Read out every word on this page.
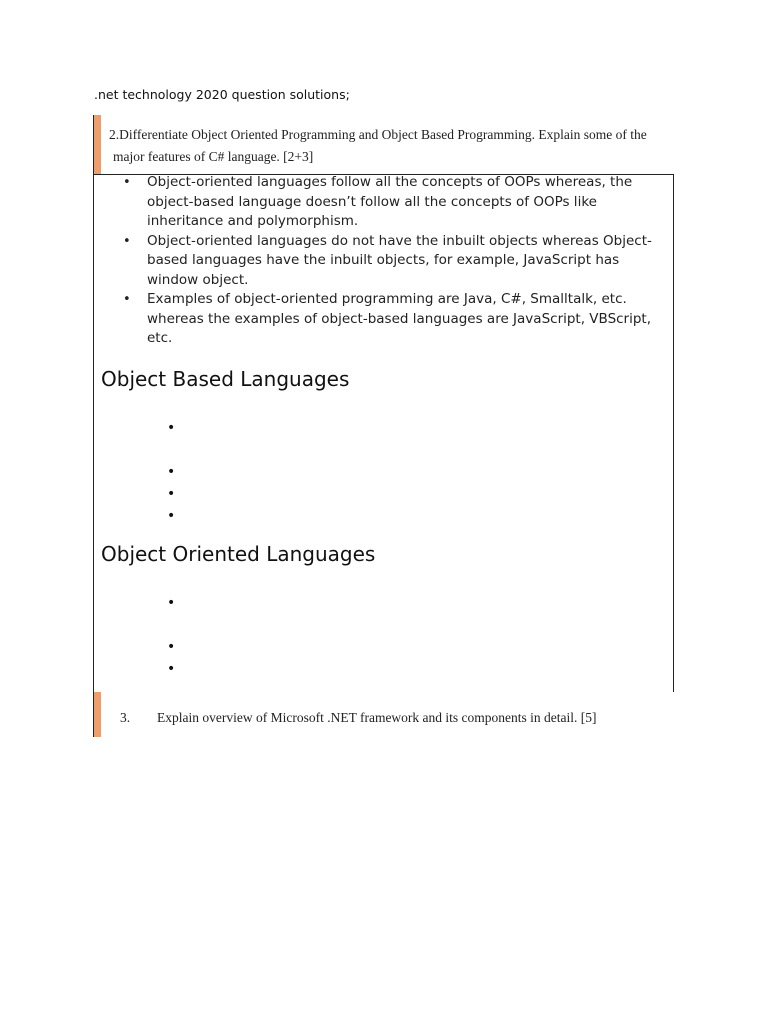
.net technology 2020 question solutions;
2.Differentiate Object Oriented Programming and Object Based Programming. Explain some of the
major features of C# language. [2+3]
• Object-oriented languages follow all the concepts of OOPs whereas, the object-based language doesn’t follow all the concepts of OOPs like inheritance and polymorphism.
• Object-oriented languages do not have the inbuilt objects whereas Object-based languages have the inbuilt objects, for example, JavaScript has window object.
• Examples of object-oriented programming are Java, C#, Smalltalk, etc. whereas the examples of object-based languages are JavaScript, VBScript, etc.
Object Based Languages
•
•
•
•
Object Oriented Languages
•
•
•
3. Explain overview of Microsoft .NET framework and its components in detail. [5]
